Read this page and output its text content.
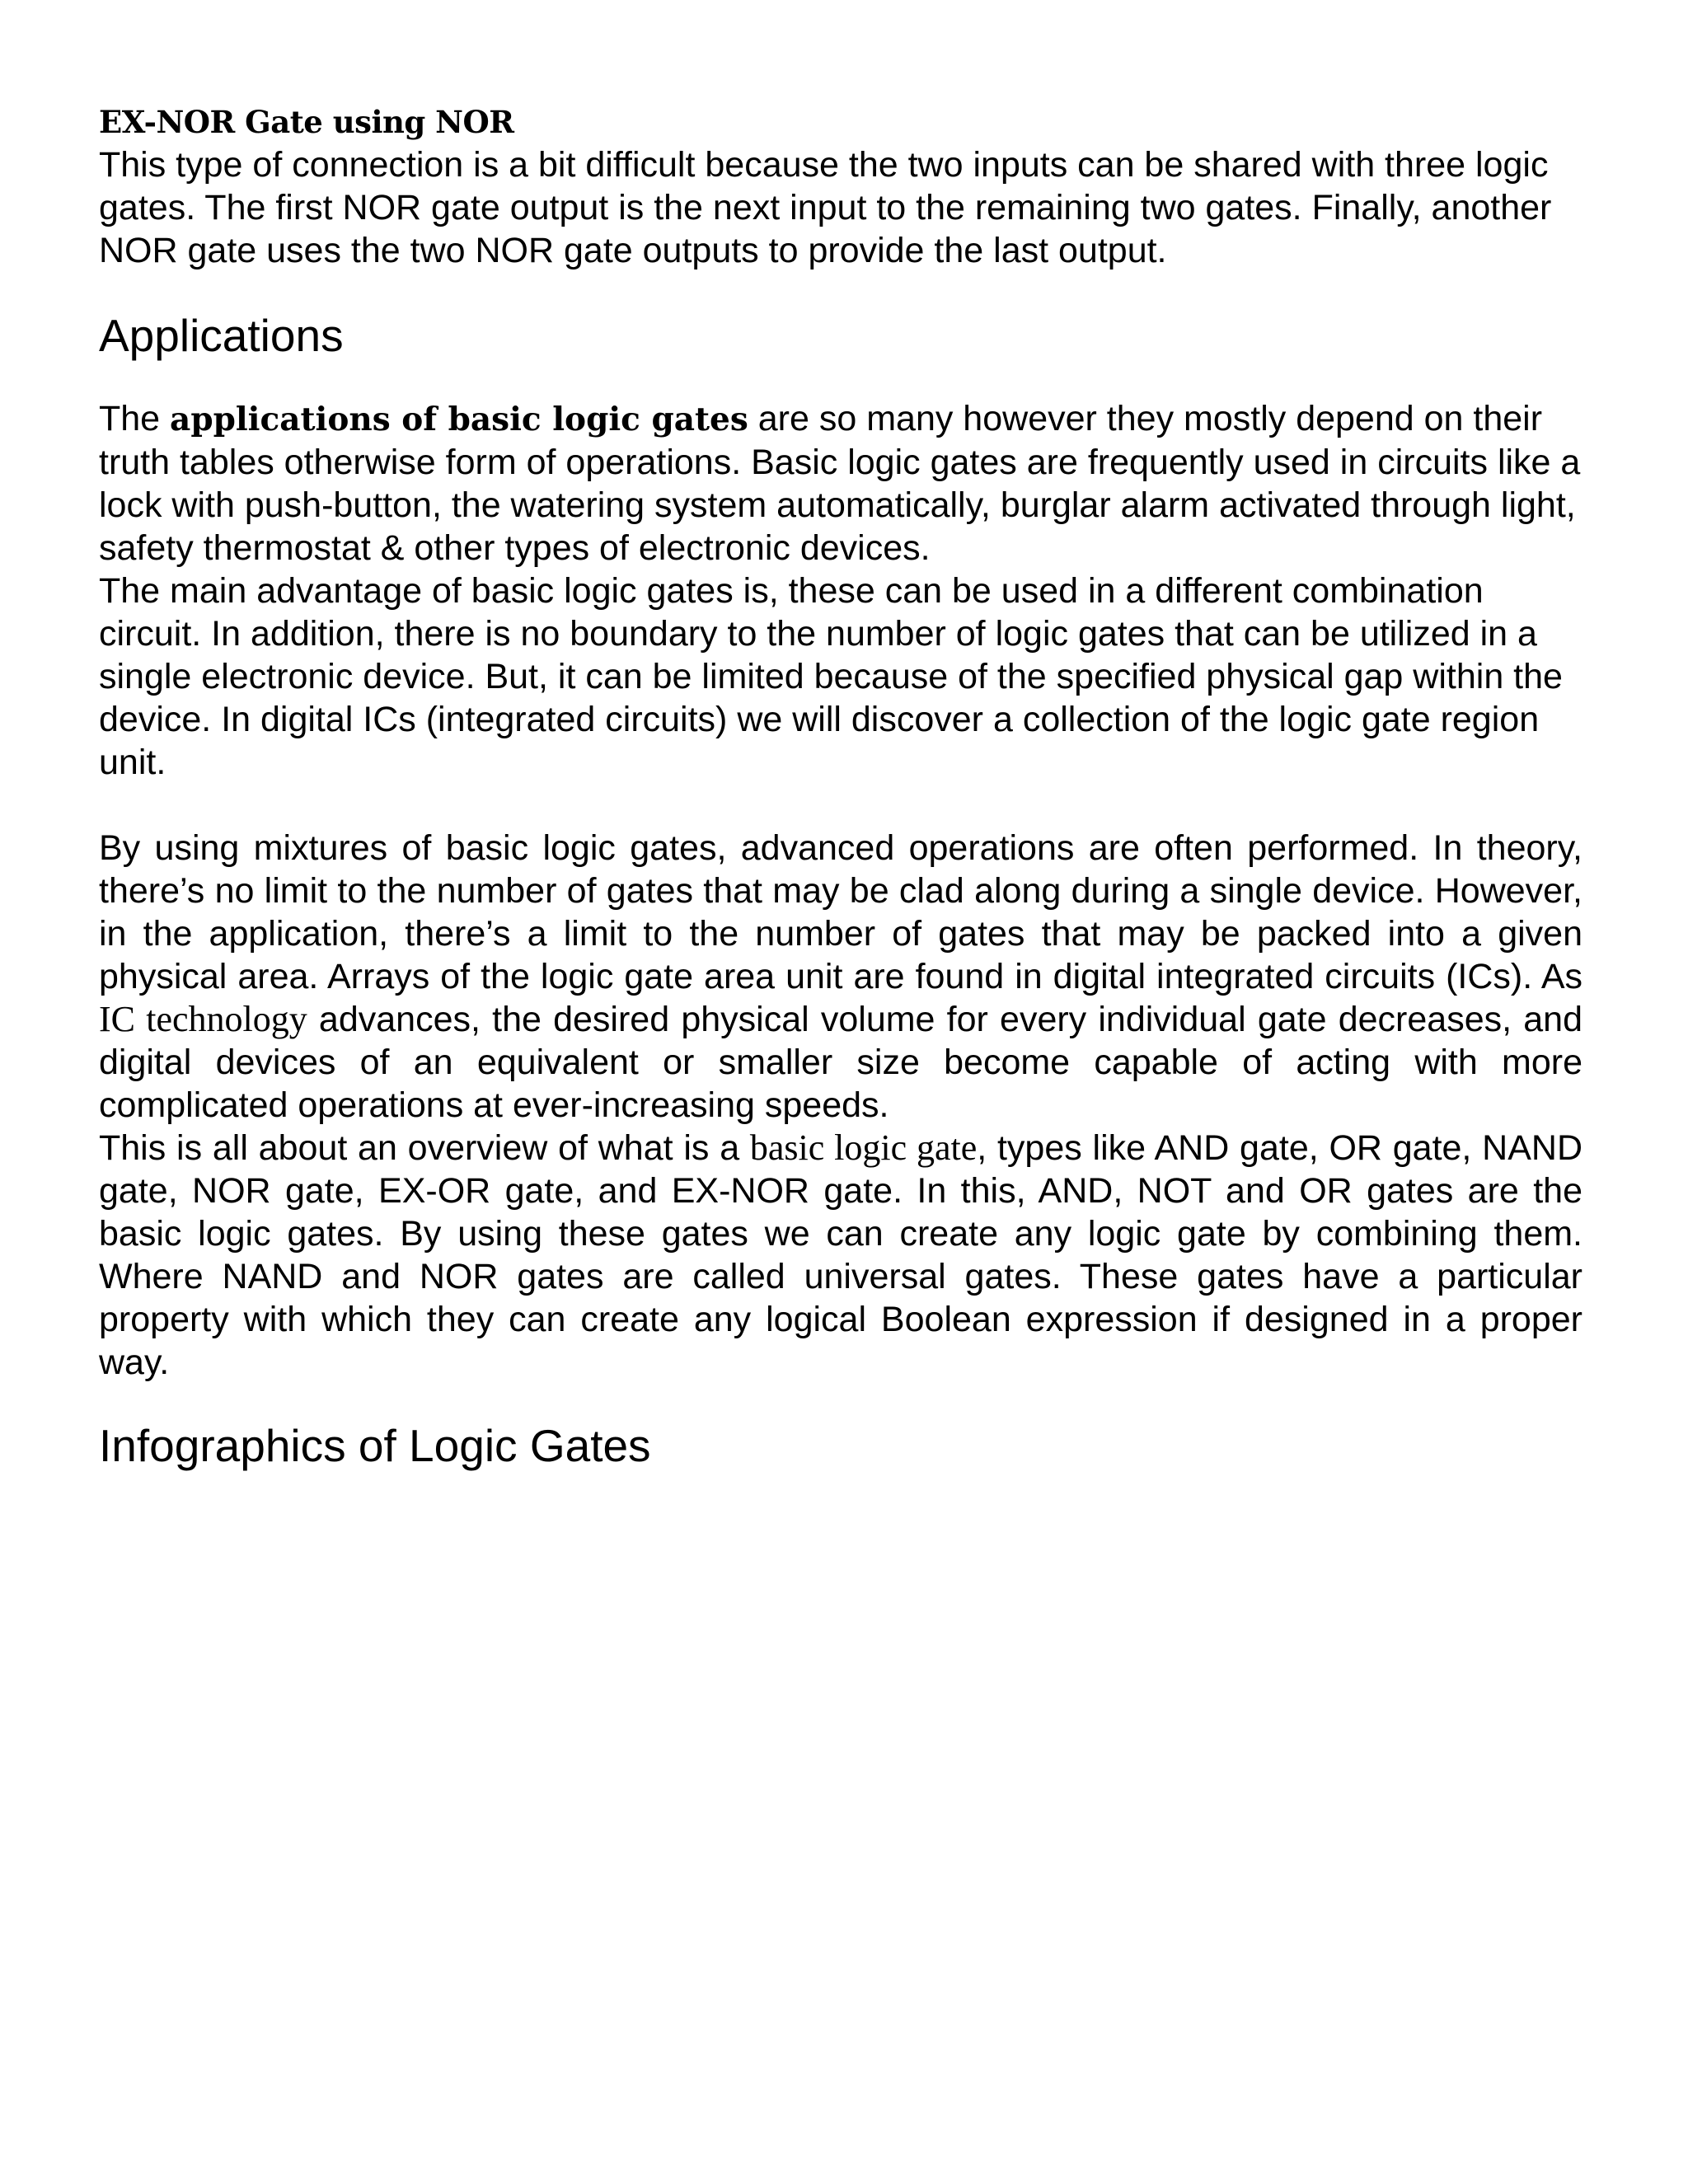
EX-NOR Gate using NOR

This type of connection is a bit difficult because the two inputs can be shared with three logic gates. The first NOR gate output is the next input to the remaining two gates. Finally, another NOR gate uses the two NOR gate outputs to provide the last output.

Applications

The applications of basic logic gates are so many however they mostly depend on their truth tables otherwise form of operations. Basic logic gates are frequently used in circuits like a lock with push-button, the watering system automatically, burglar alarm activated through light, safety thermostat & other types of electronic devices.

The main advantage of basic logic gates is, these can be used in a different combination circuit. In addition, there is no boundary to the number of logic gates that can be utilized in a single electronic device. But, it can be limited because of the specified physical gap within the device. In digital ICs (integrated circuits) we will discover a collection of the logic gate region unit.

By using mixtures of basic logic gates, advanced operations are often performed. In theory, there’s no limit to the number of gates that may be clad along during a single device. However, in the application, there’s a limit to the number of gates that may be packed into a given physical area. Arrays of the logic gate area unit are found in digital integrated circuits (ICs). As IC technology advances, the desired physical volume for every individual gate decreases, and digital devices of an equivalent or smaller size become capable of acting with more complicated operations at ever-increasing speeds.

This is all about an overview of what is a basic logic gate, types like AND gate, OR gate, NAND gate, NOR gate, EX-OR gate, and EX-NOR gate. In this, AND, NOT and OR gates are the basic logic gates. By using these gates we can create any logic gate by combining them. Where NAND and NOR gates are called universal gates. These gates have a particular property with which they can create any logical Boolean expression if designed in a proper way.

Infographics of Logic Gates
